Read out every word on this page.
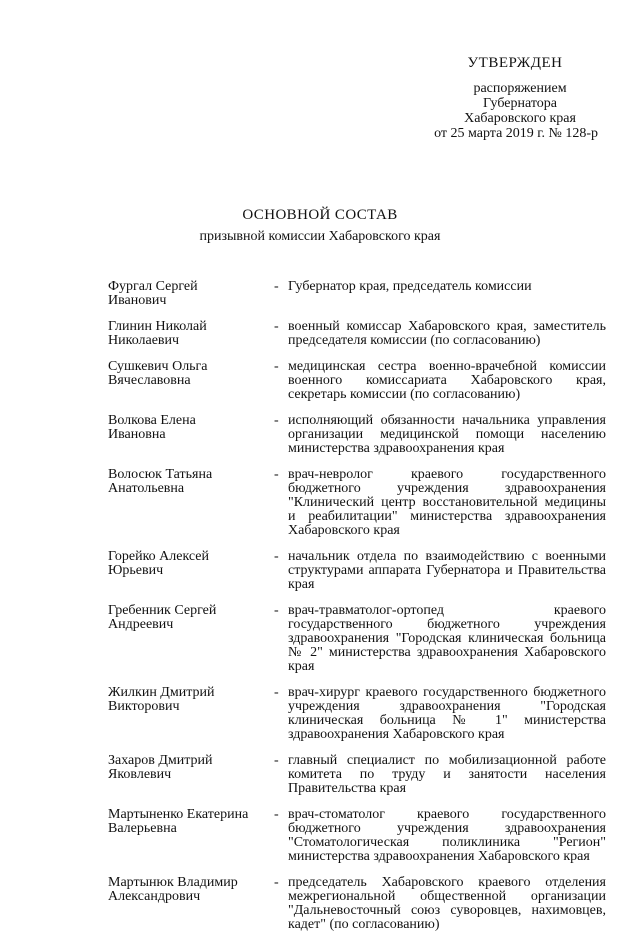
УТВЕРЖДЕН
распоряжением
Губернатора
Хабаровского края
от 25 марта 2019 г. № 128-р
ОСНОВНОЙ СОСТАВ
призывной комиссии Хабаровского края
Фургал Сергей
Иванович
- Губернатор края, председатель комиссии
Глинин Николай
Николаевич
- военный комиссар Хабаровского края, заместитель председателя комиссии (по согласованию)
Сушкевич Ольга
Вячеславовна
- медицинская сестра военно-врачебной комиссии военного комиссариата Хабаровского края, секретарь комиссии (по согласованию)
Волкова Елена
Ивановна
- исполняющий обязанности начальника управления организации медицинской помощи населению министерства здравоохранения края
Волосюк Татьяна
Анатольевна
- врач-невролог краевого государственного бюджетного учреждения здравоохранения "Клинический центр восстановительной медицины и реабилитации" министерства здравоохранения Хабаровского края
Горейко Алексей
Юрьевич
- начальник отдела по взаимодействию с военными структурами аппарата Губернатора и Правительства края
Гребенник Сергей
Андреевич
- врач-травматолог-ортопед краевого государственного бюджетного учреждения здравоохранения "Городская клиническая больница № 2" министерства здравоохранения Хабаровского края
Жилкин Дмитрий
Викторович
- врач-хирург краевого государственного бюджетного учреждения здравоохранения "Городская клиническая больница № 1" министерства здравоохранения Хабаровского края
Захаров Дмитрий
Яковлевич
- главный специалист по мобилизационной работе комитета по труду и занятости населения Правительства края
Мартыненко Екатерина
Валерьевна
- врач-стоматолог краевого государственного бюджетного учреждения здравоохранения "Стоматологическая поликлиника "Регион" министерства здравоохранения Хабаровского края
Мартынюк Владимир
Александрович
- председатель Хабаровского краевого отделения межрегиональной общественной организации "Дальневосточный союз суворовцев, нахимовцев, кадет" (по согласованию)
